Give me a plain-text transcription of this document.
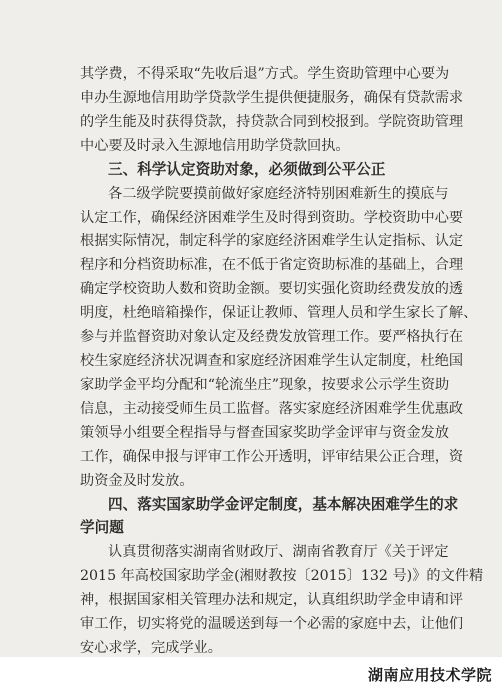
其学费，不得采取“先收后退”方式。学生资助管理中心要为
申办生源地信用助学贷款学生提供便捷服务，确保有贷款需求
的学生能及时获得贷款，持贷款合同到校报到。学院资助管理
中心要及时录入生源地信用助学贷款回执。
三、科学认定资助对象，必须做到公平公正
各二级学院要摸前做好家庭经济特别困难新生的摸底与
认定工作，确保经济困难学生及时得到资助。学校资助中心要
根据实际情况，制定科学的家庭经济困难学生认定指标、认定
程序和分档资助标准，在不低于省定资助标准的基础上，合理
确定学校资助人数和资助金额。要切实强化资助经费发放的透
明度，杜绝暗箱操作，保证让教师、管理人员和学生家长了解、
参与并监督资助对象认定及经费发放管理工作。要严格执行在
校生家庭经济状况调查和家庭经济困难学生认定制度，杜绝国
家助学金平均分配和“轮流坐庄”现象，按要求公示学生资助
信息，主动接受师生员工监督。落实家庭经济困难学生优惠政
策领导小组要全程指导与督查国家奖助学金评审与资金发放
工作，确保申报与评审工作公开透明，评审结果公正合理，资
助资金及时发放。
四、落实国家助学金评定制度，基本解决困难学生的求
学问题
认真贯彻落实湖南省财政厅、湖南省教育厅《关于评定
2015 年高校国家助学金(湘财教按〔2015〕132 号)》的文件精
神，根据国家相关管理办法和规定，认真组织助学金申请和评
审工作，切实将党的温暖送到每一个必需的家庭中去，让他们
安心求学，完成学业。
湖南应用技术学院
